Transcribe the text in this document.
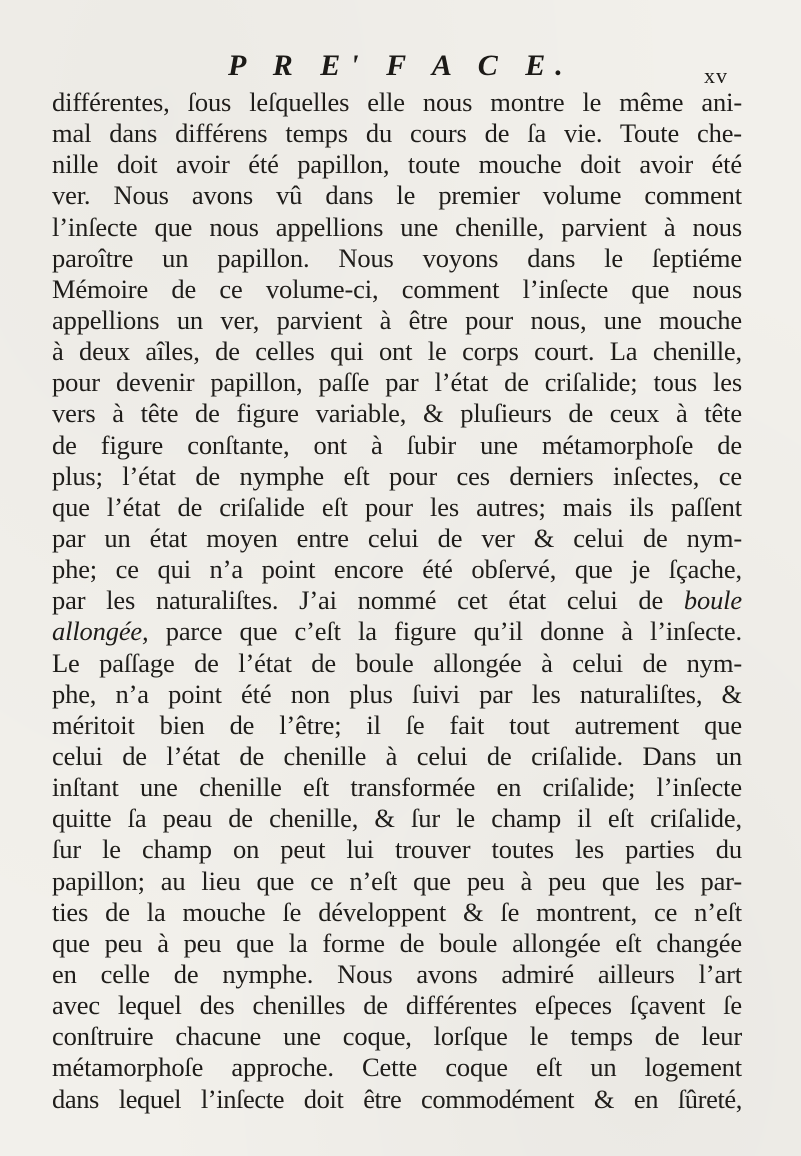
P R E' F A C E.	xv
différentes, ſous leſquelles elle nous montre le même ani-
mal dans différens temps du cours de ſa vie. Toute che-
nille doit avoir été papillon, toute mouche doit avoir été
ver. Nous avons vû dans le premier volume comment
l’inſecte que nous appellions une chenille, parvient à nous
paroître un papillon. Nous voyons dans le ſeptiéme
Mémoire de ce volume-ci, comment l’inſecte que nous
appellions un ver, parvient à être pour nous, une mouche
à deux aîles, de celles qui ont le corps court. La chenille,
pour devenir papillon, paſſe par l’état de criſalide; tous les
vers à tête de figure variable, & pluſieurs de ceux à tête
de figure conſtante, ont à ſubir une métamorphoſe de
plus; l’état de nymphe eſt pour ces derniers inſectes, ce
que l’état de criſalide eſt pour les autres; mais ils paſſent
par un état moyen entre celui de ver & celui de nym-
phe; ce qui n’a point encore été obſervé, que je ſçache,
par les naturaliſtes. J’ai nommé cet état celui de boule
allongée, parce que c’eſt la figure qu’il donne à l’inſecte.
Le paſſage de l’état de boule allongée à celui de nym-
phe, n’a point été non plus ſuivi par les naturaliſtes, &
méritoit bien de l’être; il ſe fait tout autrement que
celui de l’état de chenille à celui de criſalide. Dans un
inſtant une chenille eſt transformée en criſalide; l’inſecte
quitte ſa peau de chenille, & ſur le champ il eſt criſalide,
ſur le champ on peut lui trouver toutes les parties du
papillon; au lieu que ce n’eſt que peu à peu que les par-
ties de la mouche ſe développent & ſe montrent, ce n’eſt
que peu à peu que la forme de boule allongée eſt changée
en celle de nymphe. Nous avons admiré ailleurs l’art
avec lequel des chenilles de différentes eſpeces ſçavent ſe
conſtruire chacune une coque, lorſque le temps de leur
métamorphoſe approche. Cette coque eſt un logement
dans lequel l’inſecte doit être commodément & en ſûreté,
